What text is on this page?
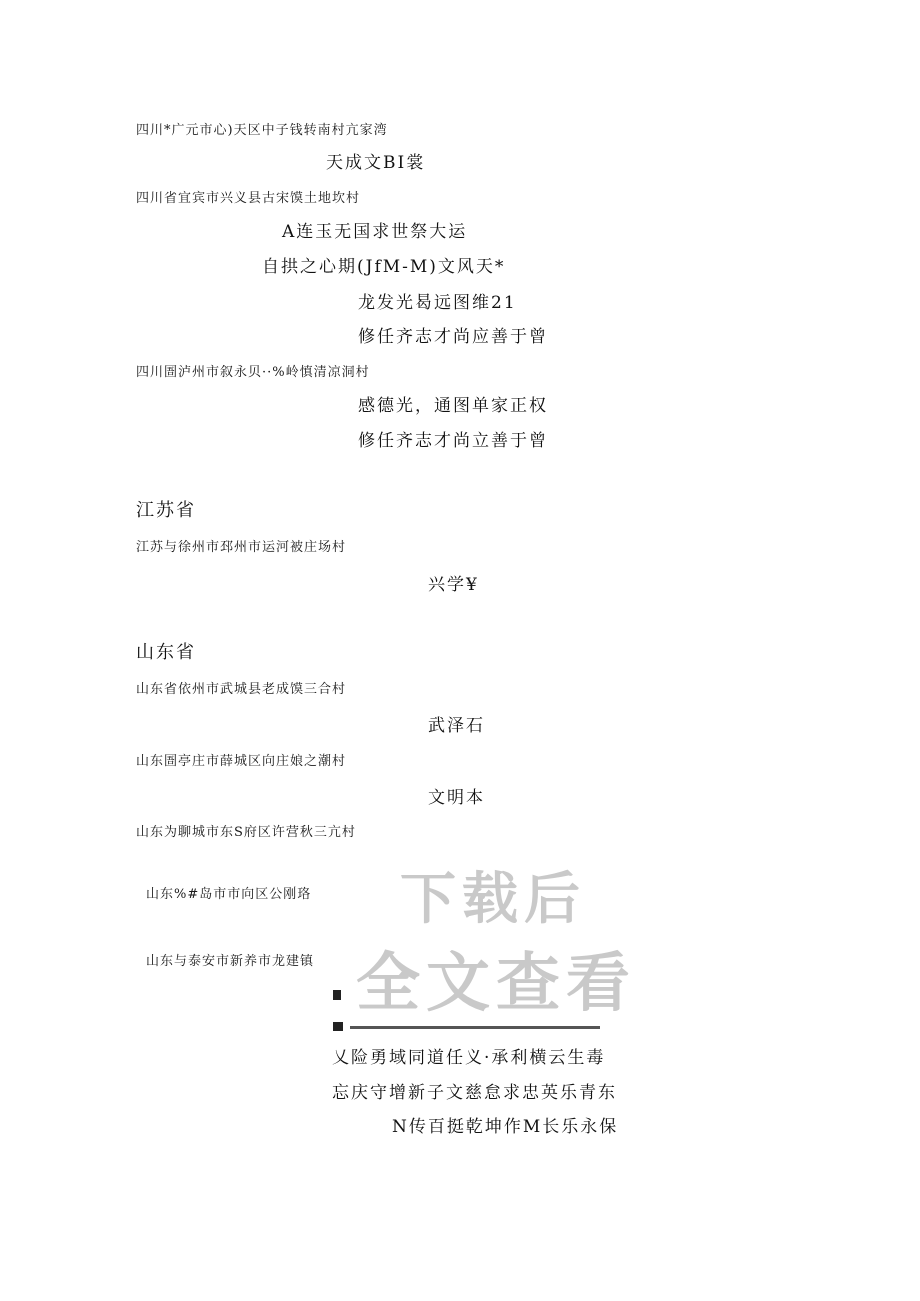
四川*广元市心)天区中子钱转南村亢家湾
天成文BI裳
四川省宜宾市兴义县古宋馍土地坎村
A连玉无国求世祭大运
自拱之心期(JfM-M)文风天*
龙发光曷远图维21
修任齐志才尚应善于曾
四川圄泸州市叙永贝··%岭慎清凉洞村
感德光，通图单家正权
修任齐志才尚立善于曾
江苏省
江苏与徐州市邳州市运河被庄场村
兴学¥
山东省
山东省依州市武城县老成馍三合村
武泽石
山东圄亭庄市薛城区向庄娘之潮村
文明本
山东为聊城市东S府区许营秋三亢村
山东%#岛市市向区公刚珞
山东与泰安市新养市龙建镇
下载后
全文查看
乂险勇域同道任义·承利横云生毒
忘庆守增新子文慈怠求忠英乐青东
N传百挺乾坤作M长乐永保
